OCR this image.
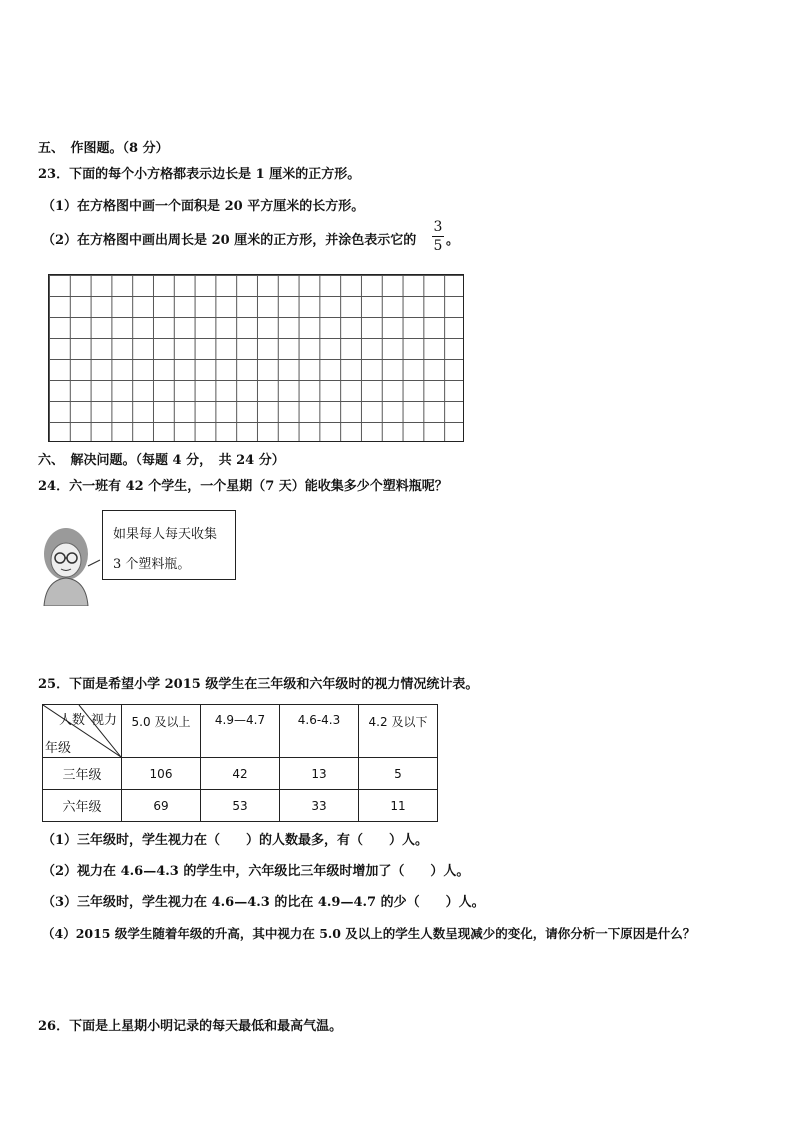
五、　作图题。（8 分）
23．下面的每个小方格都表示边长是 1 厘米的正方形。
（1）在方格图中画一个面积是 20 平方厘米的长方形。
（2）在方格图中画出周长是 20 厘米的正方形，并涂色表示它的
3
5 。
六、　解决问题。（每题 4 分，　共 24 分）
24．六一班有 42 个学生，一个星期（7 天）能收集多少个塑料瓶呢？
如果每人每天收集
3 个塑料瓶。
25．下面是希望小学 2015 级学生在三年级和六年级时的视力情况统计表。
人数 视力
年级	5.0 及以上	4.9—4.7	4.6-4.3	4.2 及以下
三年级	106	42	13	5
六年级	69	53	33	11
（1）三年级时，学生视力在（　　）的人数最多，有（　　）人。
（2）视力在 4.6—4.3 的学生中，六年级比三年级时增加了（　　）人。
（3）三年级时，学生视力在 4.6—4.3 的比在 4.9—4.7 的少（　　）人。
（4）2015 级学生随着年级的升高，其中视力在 5.0 及以上的学生人数呈现减少的变化，请你分析一下原因是什么？
26．下面是上星期小明记录的每天最低和最高气温。
